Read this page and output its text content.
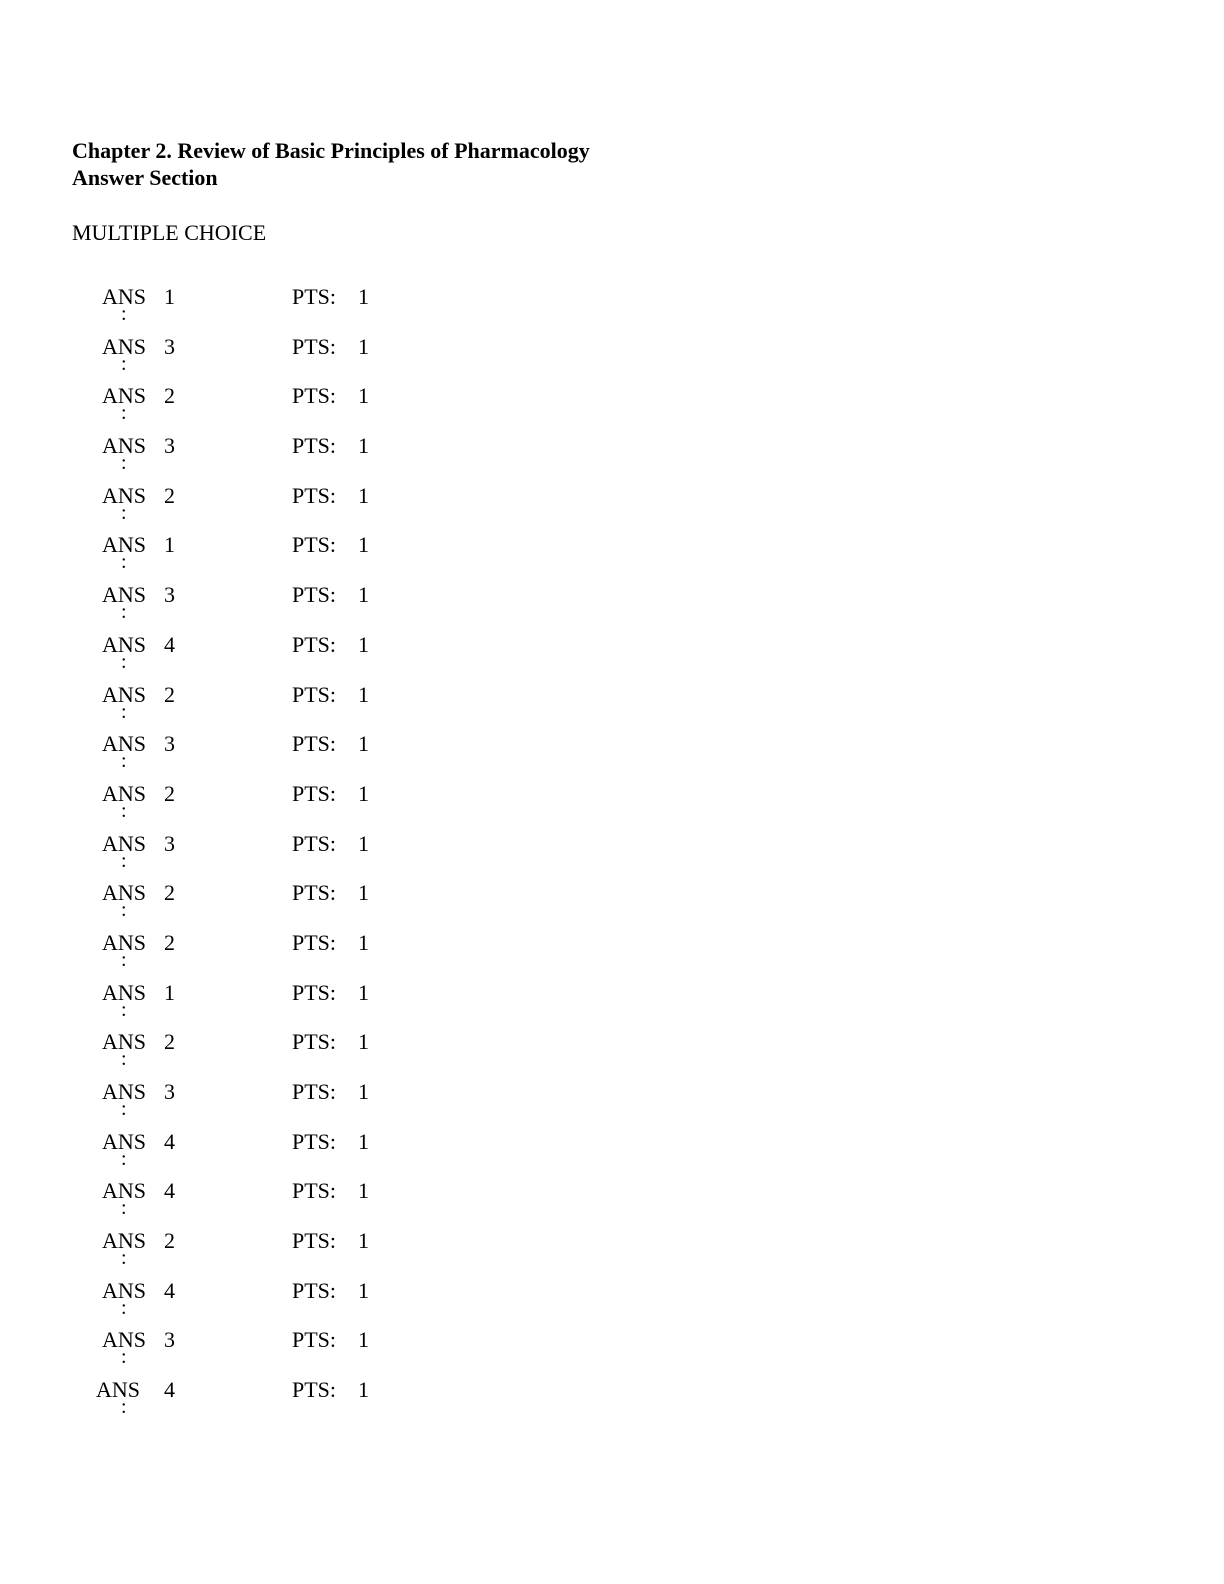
Chapter 2. Review of Basic Principles of Pharmacology
Answer Section
MULTIPLE CHOICE
ANS
:
1	PTS: 1
ANS
:
3	PTS: 1
ANS
:
2	PTS: 1
ANS
:
3	PTS: 1
ANS
:
2	PTS: 1
ANS
:
1	PTS: 1
ANS
:
3	PTS: 1
ANS
:
4	PTS: 1
ANS
:
2	PTS: 1
ANS
:
3	PTS: 1
ANS
:
2	PTS: 1
ANS
:
3	PTS: 1
ANS
:
2	PTS: 1
ANS
:
2	PTS: 1
ANS
:
1	PTS: 1
ANS
:
2	PTS: 1
ANS
:
3	PTS: 1
ANS
:
4	PTS: 1
ANS
:
4	PTS: 1
ANS
:
2	PTS: 1
ANS
:
4	PTS: 1
ANS
:
3	PTS: 1
ANS
:
4	PTS: 1
